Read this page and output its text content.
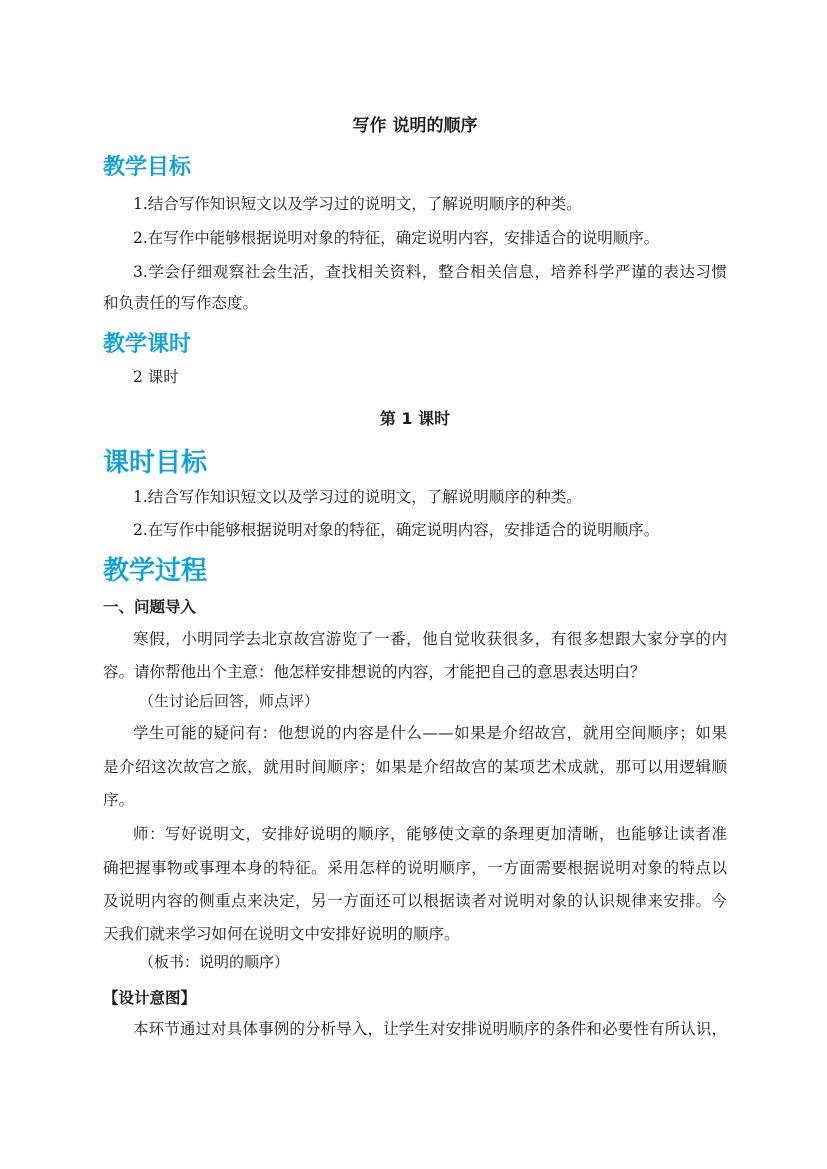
写作 说明的顺序
教学目标
1.结合写作知识短文以及学习过的说明文，了解说明顺序的种类。
2.在写作中能够根据说明对象的特征，确定说明内容，安排适合的说明顺序。
3.学会仔细观察社会生活，查找相关资料，整合相关信息，培养科学严谨的表达习惯
和负责任的写作态度。
教学课时
2 课时
第 1 课时
课时目标
1.结合写作知识短文以及学习过的说明文，了解说明顺序的种类。
2.在写作中能够根据说明对象的特征，确定说明内容，安排适合的说明顺序。
教学过程
一、问题导入
寒假，小明同学去北京故宫游览了一番，他自觉收获很多，有很多想跟大家分享的内
容。请你帮他出个主意：他怎样安排想说的内容，才能把自己的意思表达明白？
（生讨论后回答，师点评）
学生可能的疑问有：他想说的内容是什么——如果是介绍故宫，就用空间顺序；如果
是介绍这次故宫之旅，就用时间顺序；如果是介绍故宫的某项艺术成就，那可以用逻辑顺
序。
师：写好说明文，安排好说明的顺序，能够使文章的条理更加清晰，也能够让读者准
确把握事物或事理本身的特征。采用怎样的说明顺序，一方面需要根据说明对象的特点以
及说明内容的侧重点来决定，另一方面还可以根据读者对说明对象的认识规律来安排。今
天我们就来学习如何在说明文中安排好说明的顺序。
（板书：说明的顺序）
【设计意图】
本环节通过对具体事例的分析导入，让学生对安排说明顺序的条件和必要性有所认识，
